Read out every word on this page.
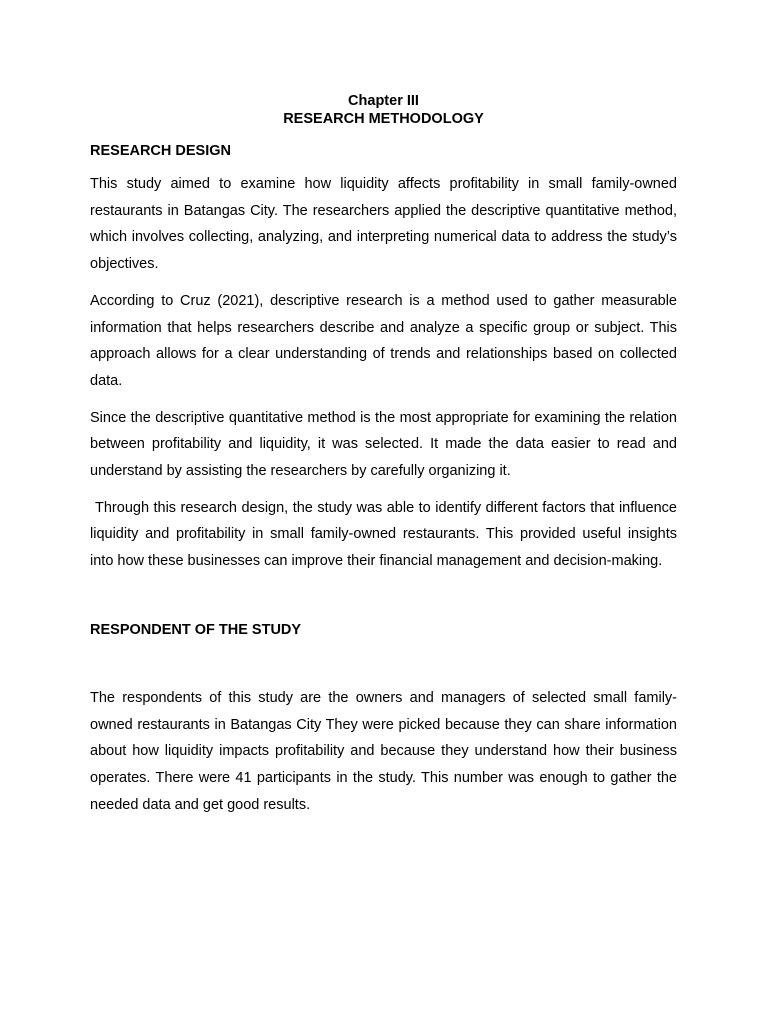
Chapter III

RESEARCH METHODOLOGY

RESEARCH DESIGN

This study aimed to examine how liquidity affects profitability in small family-owned restaurants in Batangas City. The researchers applied the descriptive quantitative method, which involves collecting, analyzing, and interpreting numerical data to address the study’s objectives.

According to Cruz (2021), descriptive research is a method used to gather measurable information that helps researchers describe and analyze a specific group or subject. This approach allows for a clear understanding of trends and relationships based on collected data.

Since the descriptive quantitative method is the most appropriate for examining the relation between profitability and liquidity, it was selected. It made the data easier to read and understand by assisting the researchers by carefully organizing it.

Through this research design, the study was able to identify different factors that influence liquidity and profitability in small family-owned restaurants. This provided useful insights into how these businesses can improve their financial management and decision-making.

RESPONDENT OF THE STUDY

The respondents of this study are the owners and managers of selected small family-owned restaurants in Batangas City They were picked because they can share information about how liquidity impacts profitability and because they understand how their business operates. There were 41 participants in the study. This number was enough to gather the needed data and get good results.
